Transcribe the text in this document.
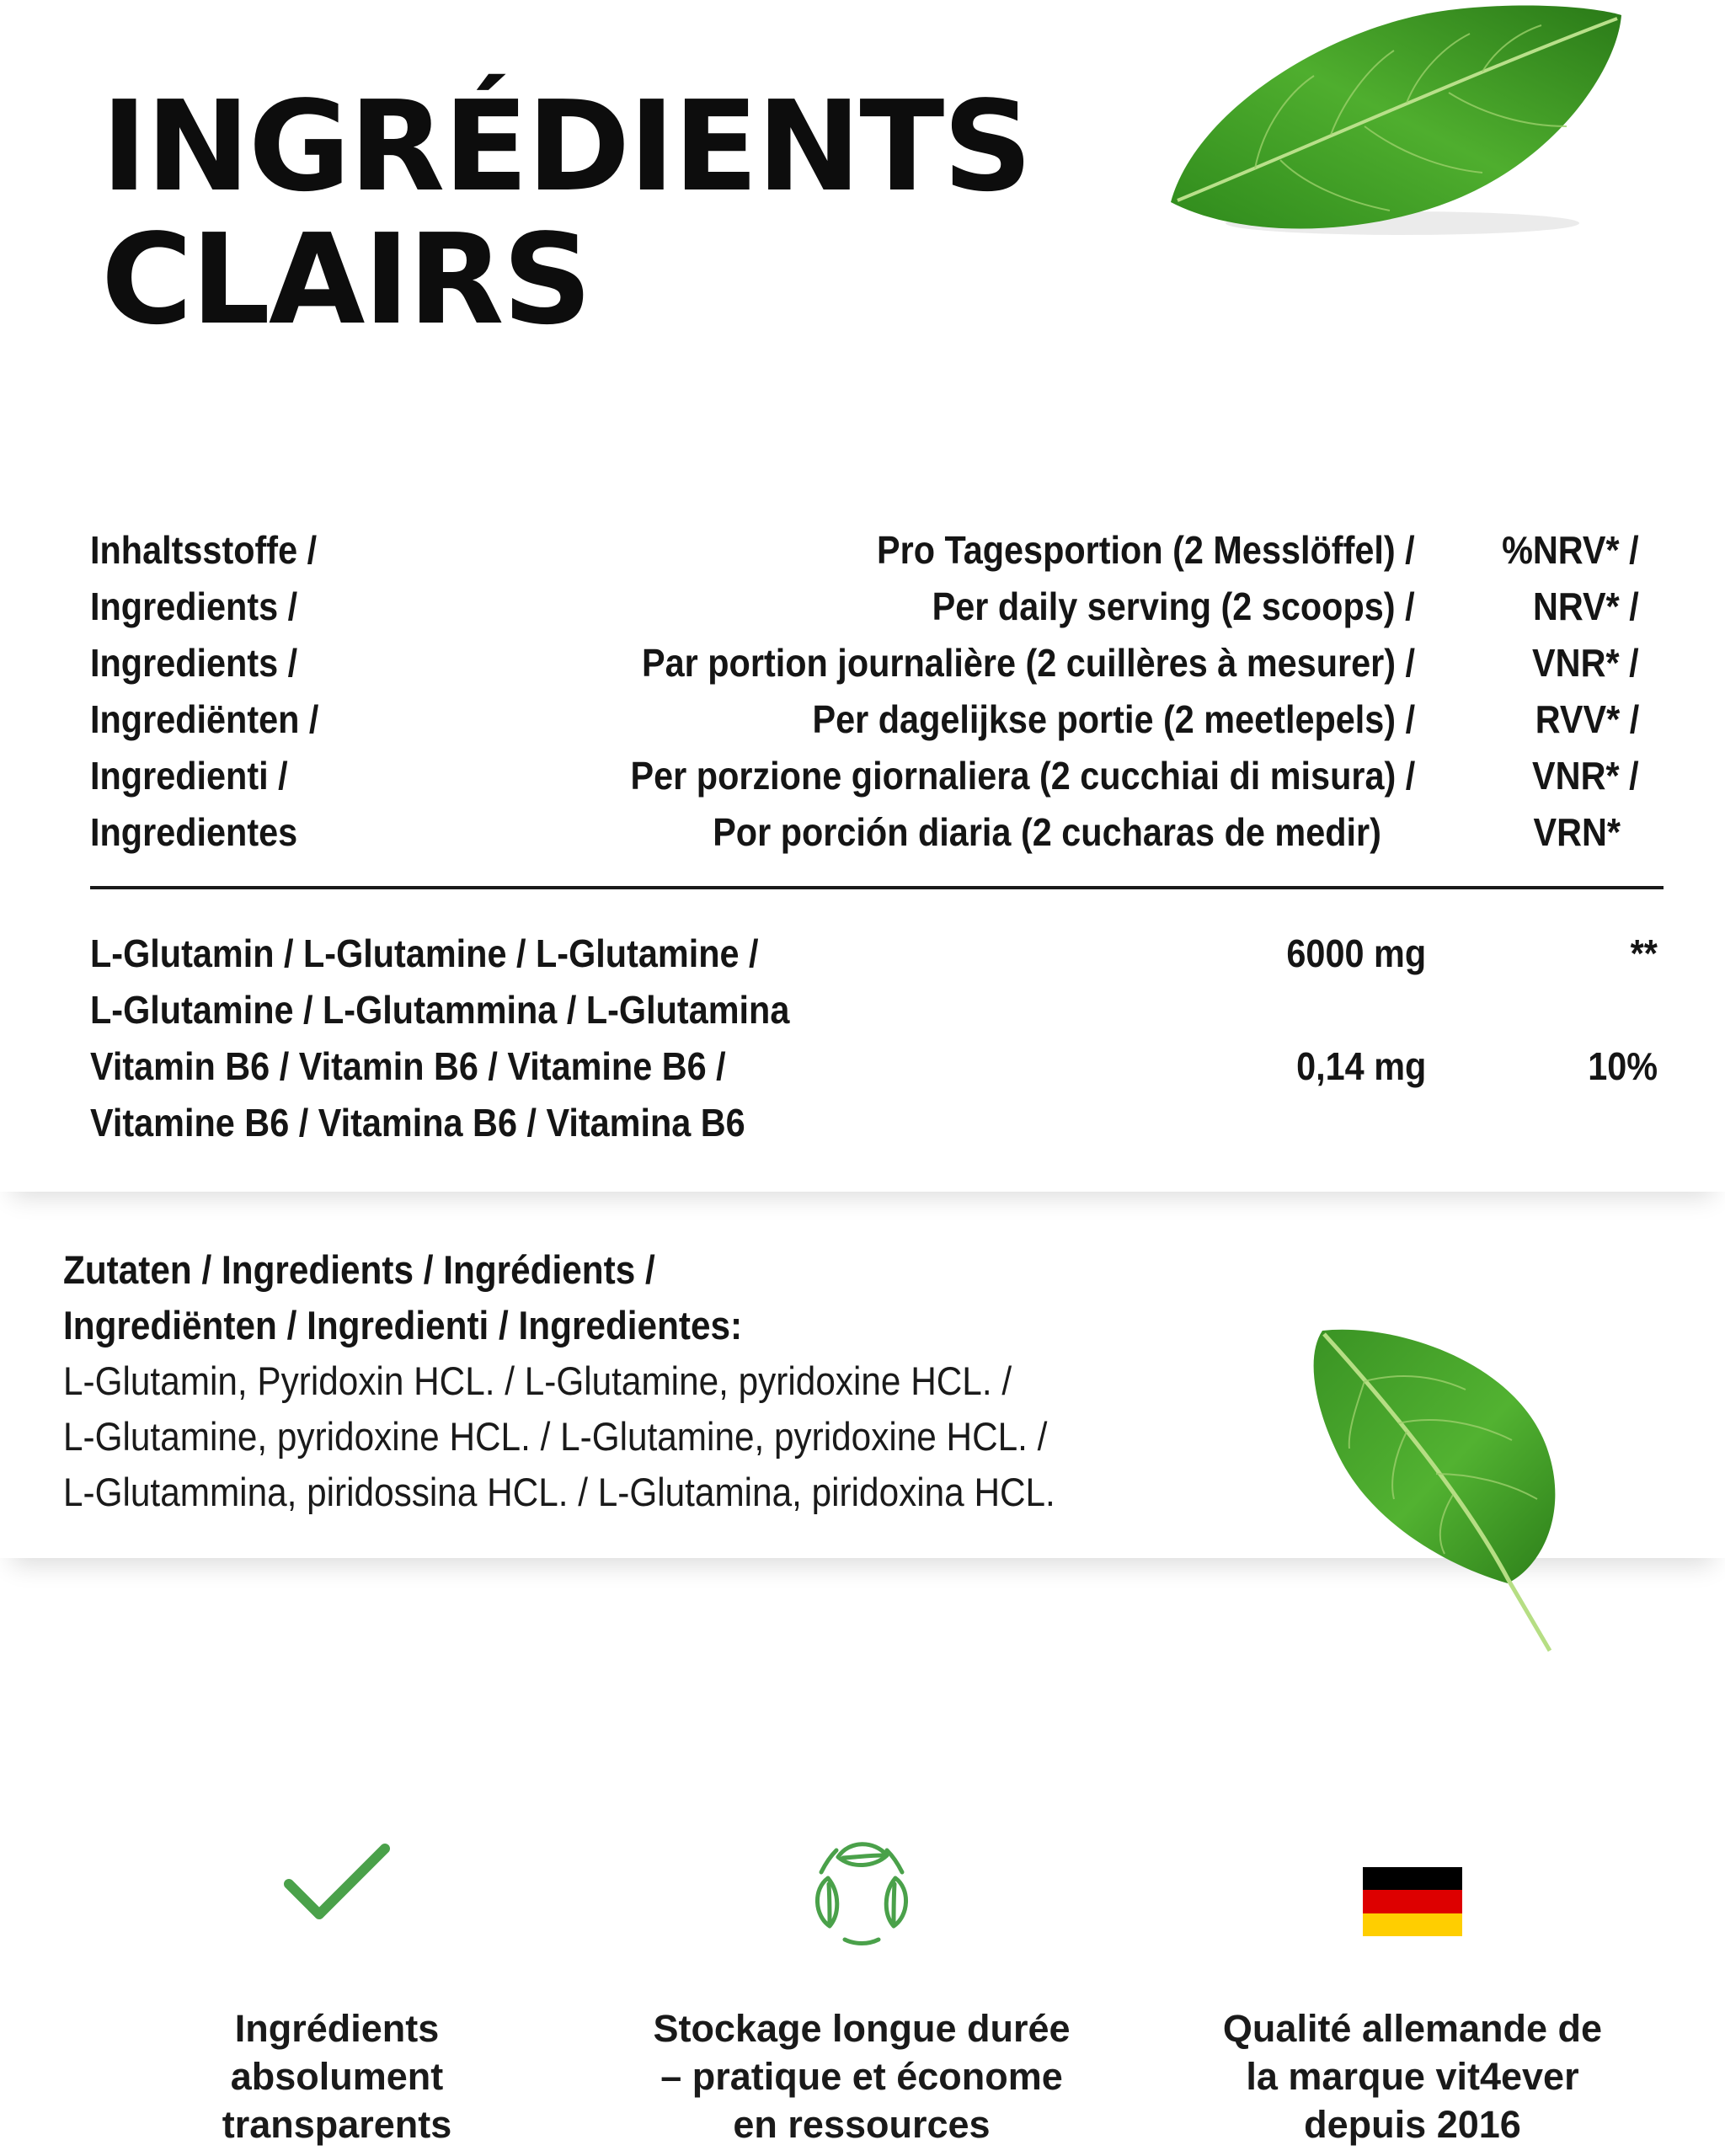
INGRÉDIENTS
CLAIRS
Inhaltsstoffe /	Pro Tagesportion (2 Messlöffel) / %NRV* /
Ingredients /	Per daily serving (2 scoops) /	NRV* /
Ingredients /	Par portion journalière (2 cuillères à mesurer) /	VNR* /
Ingrediënten /	Per dagelijkse portie (2 meetlepels) /	RVV* /
Ingredienti /	Per porzione giornaliera (2 cucchiai di misura) /	VNR* /
Ingredientes	Por porción diaria (2 cucharas de medir)	VRN*
L-Glutamin / L-Glutamine / L-Glutamine /	6000 mg	**
L-Glutamine / L-Glutammina / L-Glutamina
Vitamin B6 / Vitamin B6 / Vitamine B6 /	0,14 mg	10%
Vitamine B6 / Vitamina B6 / Vitamina B6
Zutaten / Ingredients / Ingrédients /
Ingrediënten / Ingredienti / Ingredientes:
L-Glutamin, Pyridoxin HCL. / L-Glutamine, pyridoxine HCL. /
L-Glutamine, pyridoxine HCL. / L-Glutamine, pyridoxine HCL. /
L-Glutammina, piridossina HCL. / L-Glutamina, piridoxina HCL.
Ingrédients
absolument
transparents
Stockage longue durée
– pratique et économe
en ressources
Qualité allemande de
la marque vit4ever
depuis 2016
